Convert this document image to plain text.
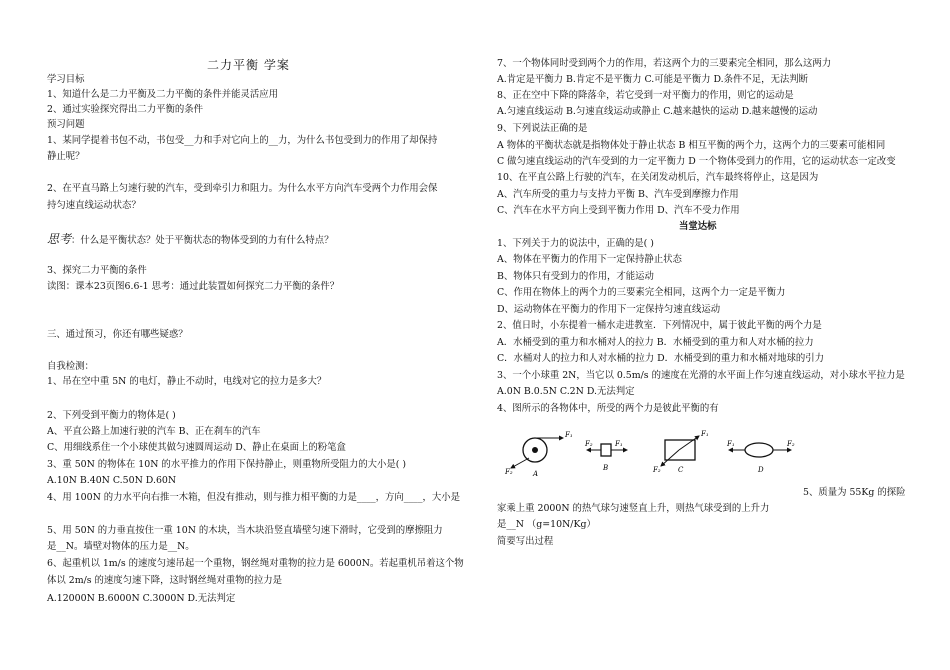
二力平衡 学案
学习目标
1、知道什么是二力平衡及二力平衡的条件并能灵活应用
2、通过实验探究得出二力平衡的条件
预习问题
1、某同学提着书包不动，书包受__力和手对它向上的__力，为什么书包受到力的作用了却保持
静止呢？
2、在平直马路上匀速行驶的汽车，受到牵引力和阻力。为什么水平方向汽车受两个力作用会保
持匀速直线运动状态？
思考：什么是平衡状态？处于平衡状态的物体受到的力有什么特点？
3、探究二力平衡的条件
读图：课本23页图6.6-1 思考：通过此装置如何探究二力平衡的条件？
三、通过预习，你还有哪些疑惑？
自我检测：
1、吊在空中重 5N 的电灯，静止不动时，电线对它的拉力是多大？
2、下列受到平衡力的物体是( )
A、平直公路上加速行驶的汽车 B、正在刹车的汽车
C、用细线系住一个小球使其做匀速圆周运动 D、静止在桌面上的粉笔盒
3、重 50N 的物体在 10N 的水平推力的作用下保持静止，则重物所受阻力的大小是( )
A.10N B.40N C.50N D.60N
4、用 100N 的力水平向右推一木箱，但没有推动，则与推力相平衡的力是____，方向____，大小是
5、用 50N 的力垂直按住一重 10N 的木块，当木块沿竖直墙壁匀速下滑时，它受到的摩擦阻力
是__N。墙壁对物体的压力是__N。
6、起重机以 1m/s 的速度匀速吊起一个重物，钢丝绳对重物的拉力是 6000N。若起重机吊着这个物
体以 2m/s 的速度匀速下降，这时钢丝绳对重物的拉力是
A.12000N B.6000N C.3000N D.无法判定
7、一个物体同时受到两个力的作用，若这两个力的三要素完全相同，那么这两力
A.肯定是平衡力 B.肯定不是平衡力 C.可能是平衡力 D.条件不足，无法判断
8、正在空中下降的降落伞，若它受到一对平衡力的作用，则它的运动是
A.匀速直线运动 B.匀速直线运动或静止 C.越来越快的运动 D.越来越慢的运动
9、下列说法正确的是
A 物体的平衡状态就是指物体处于静止状态 B 相互平衡的两个力，这两个力的三要素可能相同
C 做匀速直线运动的汽车受到的力一定平衡力 D 一个物体受到力的作用，它的运动状态一定改变
10、在平直公路上行驶的汽车，在关闭发动机后，汽车最终将停止，这是因为
A、汽车所受的重力与支持力平衡 B、汽车受到摩擦力作用
C、汽车在水平方向上受到平衡力作用 D、汽车不受力作用
当堂达标
1、下列关于力的说法中，正确的是( )
A、物体在平衡力的作用下一定保持静止状态
B、物体只有受到力的作用，才能运动
C、作用在物体上的两个力的三要素完全相同，这两个力一定是平衡力
D、运动物体在平衡力的作用下一定保持匀速直线运动
2、值日时，小东提着一桶水走进教室．下列情况中，属于彼此平衡的两个力是
A．水桶受到的重力和水桶对人的拉力 B．水桶受到的重力和人对水桶的拉力
C．水桶对人的拉力和人对水桶的拉力 D．水桶受到的重力和水桶对地球的引力
3、一个小球重 2N，当它以 0.5m/s 的速度在光滑的水平面上作匀速直线运动，对小球水平拉力是
A.0N B.0.5N C.2N D.无法判定
4、图所示的各物体中，所受的两个力是彼此平衡的有
5、质量为 55Kg 的探险
家乘上重 2000N 的热气球匀速竖直上升，则热气球受到的上升力
是__N （g=10N/Kg）
简要写出过程
F₁
F₂	A
F₁
F₂
B
F₁
F₂ C
F₁	F₂
D
